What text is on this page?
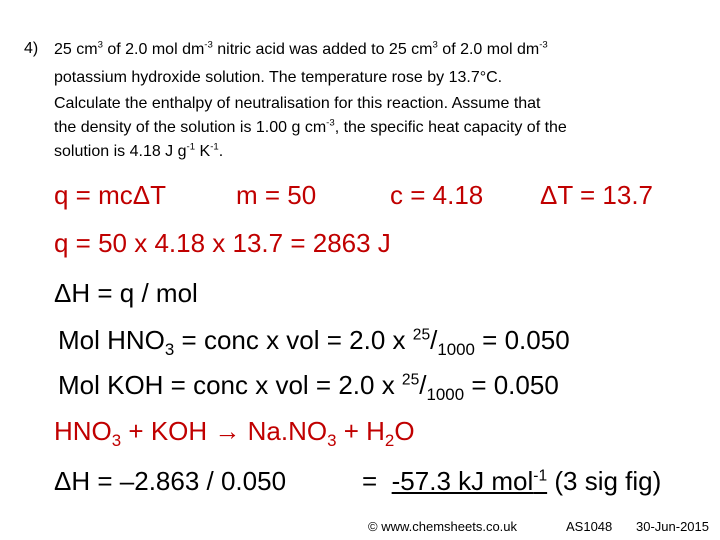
4) 25 $cm^3$ of 2.0 mol $dm^{-3}$ nitric acid was added to 25 $cm^3$ of 2.0 mol $dm^{-3}$
potassium hydroxide solution. The temperature rose by 13.7°C.
Calculate the enthalpy of neutralisation for this reaction. Assume that
the density of the solution is 1.00 g $cm^{-3}$, the specific heat capacity of the
solution is 4.18 J $g^{-1}$ $K^{-1}$.
q = mcΔT	m = 50	c = 4.18 ΔT = 13.7
q = 50 x 4.18 x 13.7 = 2863 J
ΔH = q / mol
Mol $HNO_3$ = conc x vol = 2.0 x $^{25}/_{1000} = 0.050$
Mol KOH = conc x vol = 2.0 x $^{25}/_{1000} = 0.050$
$HNO_3$ + KOH → $Na.NO_3 + H_2O$
ΔH = –2.863 / 0.050	= -57.3 kJ mol$^{-1}$ (3 sig fig)
© www.chemsheets.co.uk	AS1048 30-Jun-2015
